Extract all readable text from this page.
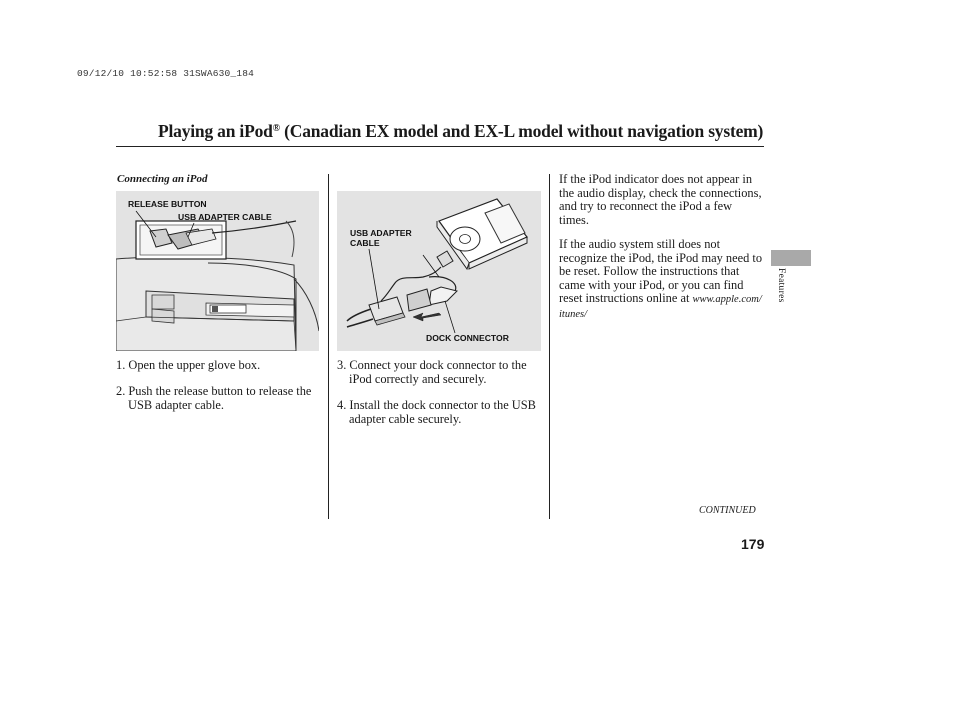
09/12/10 10:52:58 31SWA630_184
Playing an iPod® (Canadian EX model and EX-L model without navigation system)
Connecting an iPod
RELEASE BUTTON
USB ADAPTER CABLE
1. Open the upper glove box.
2. Push the release button to release the USB adapter cable.
USB ADAPTER
CABLE
DOCK CONNECTOR
3. Connect your dock connector to the iPod correctly and securely.
4. Install the dock connector to the USB adapter cable securely.
If the iPod indicator does not appear in the audio display, check the connections, and try to reconnect the iPod a few times.
If the audio system still does not recognize the iPod, the iPod may need to be reset. Follow the instructions that came with your iPod, or you can find reset instructions online at www.apple.com/ itunes/
Features
CONTINUED
179
